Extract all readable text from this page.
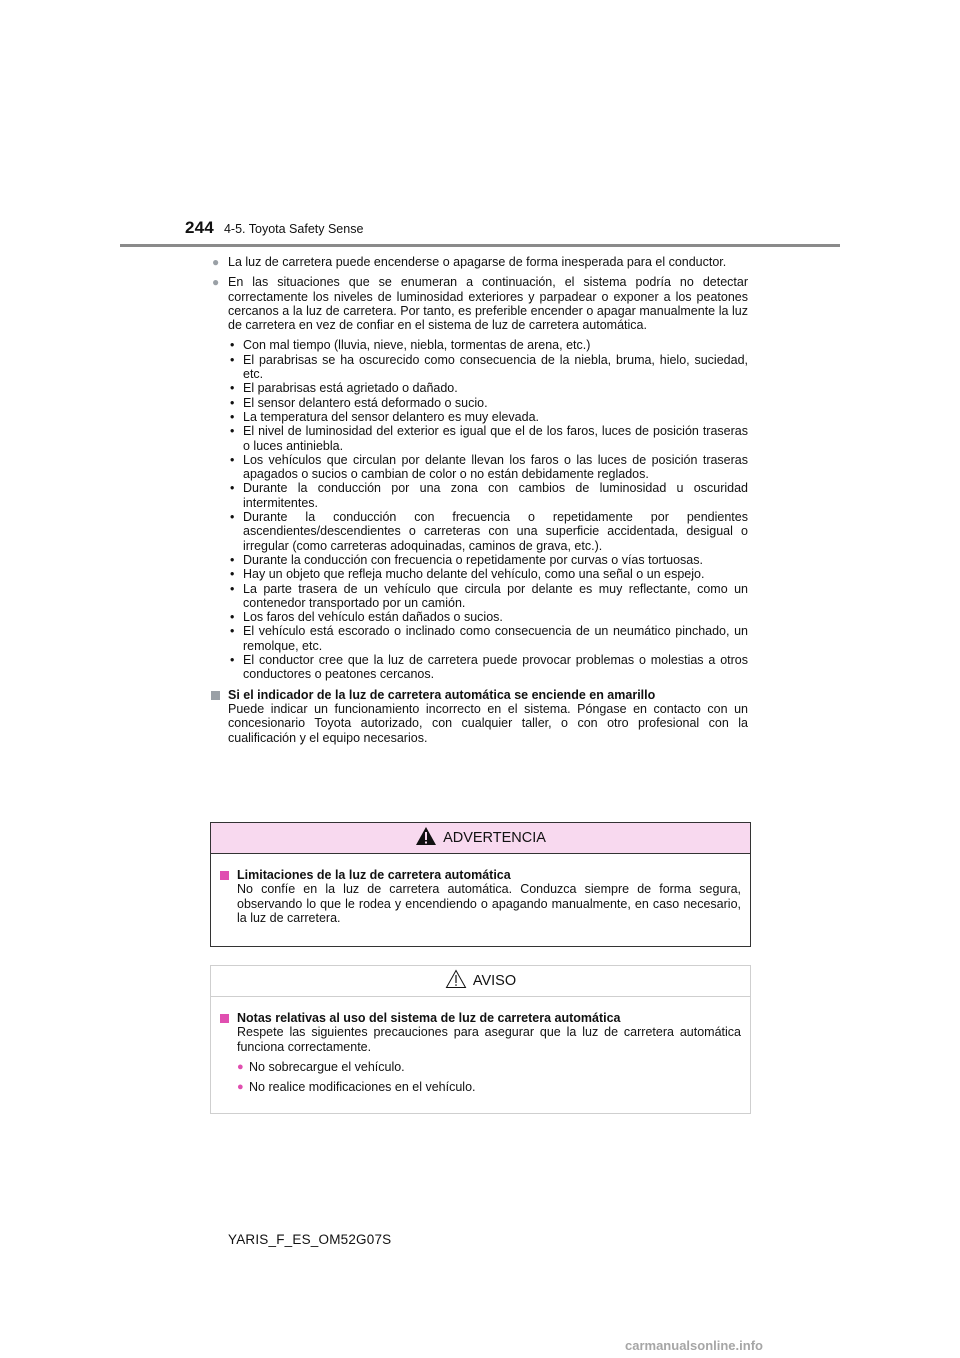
244 4-5. Toyota Safety Sense
● La luz de carretera puede encenderse o apagarse de forma inesperada para el conductor.
● En las situaciones que se enumeran a continuación, el sistema podría no detectar correctamente los niveles de luminosidad exteriores y parpadear o exponer a los peatones cercanos a la luz de carretera. Por tanto, es preferible encender o apagar manualmente la luz de carretera en vez de confiar en el sistema de luz de carretera automática.
• Con mal tiempo (lluvia, nieve, niebla, tormentas de arena, etc.)
• El parabrisas se ha oscurecido como consecuencia de la niebla, bruma, hielo, suciedad, etc.
• El parabrisas está agrietado o dañado.
• El sensor delantero está deformado o sucio.
• La temperatura del sensor delantero es muy elevada.
• El nivel de luminosidad del exterior es igual que el de los faros, luces de posición traseras o luces antiniebla.
• Los vehículos que circulan por delante llevan los faros o las luces de posición traseras apagados o sucios o cambian de color o no están debidamente reglados.
• Durante la conducción por una zona con cambios de luminosidad u oscuridad intermitentes.
• Durante la conducción con frecuencia o repetidamente por pendientes ascendientes/descendientes o carreteras con una superficie accidentada, desigual o irregular (como carreteras adoquinadas, caminos de grava, etc.).
• Durante la conducción con frecuencia o repetidamente por curvas o vías tortuosas.
• Hay un objeto que refleja mucho delante del vehículo, como una señal o un espejo.
• La parte trasera de un vehículo que circula por delante es muy reflectante, como un contenedor transportado por un camión.
• Los faros del vehículo están dañados o sucios.
• El vehículo está escorado o inclinado como consecuencia de un neumático pinchado, un remolque, etc.
• El conductor cree que la luz de carretera puede provocar problemas o molestias a otros conductores o peatones cercanos.
Si el indicador de la luz de carretera automática se enciende en amarillo
Puede indicar un funcionamiento incorrecto en el sistema. Póngase en contacto con un concesionario Toyota autorizado, con cualquier taller, o con otro profesional con la cualificación y el equipo necesarios.
ADVERTENCIA
Limitaciones de la luz de carretera automática
No confíe en la luz de carretera automática. Conduzca siempre de forma segura, observando lo que le rodea y encendiendo o apagando manualmente, en caso necesario, la luz de carretera.
AVISO
Notas relativas al uso del sistema de luz de carretera automática
Respete las siguientes precauciones para asegurar que la luz de carretera automática funciona correctamente.
● No sobrecargue el vehículo.
● No realice modificaciones en el vehículo.
YARIS_F_ES_OM52G07S
carmanualsonline.info
